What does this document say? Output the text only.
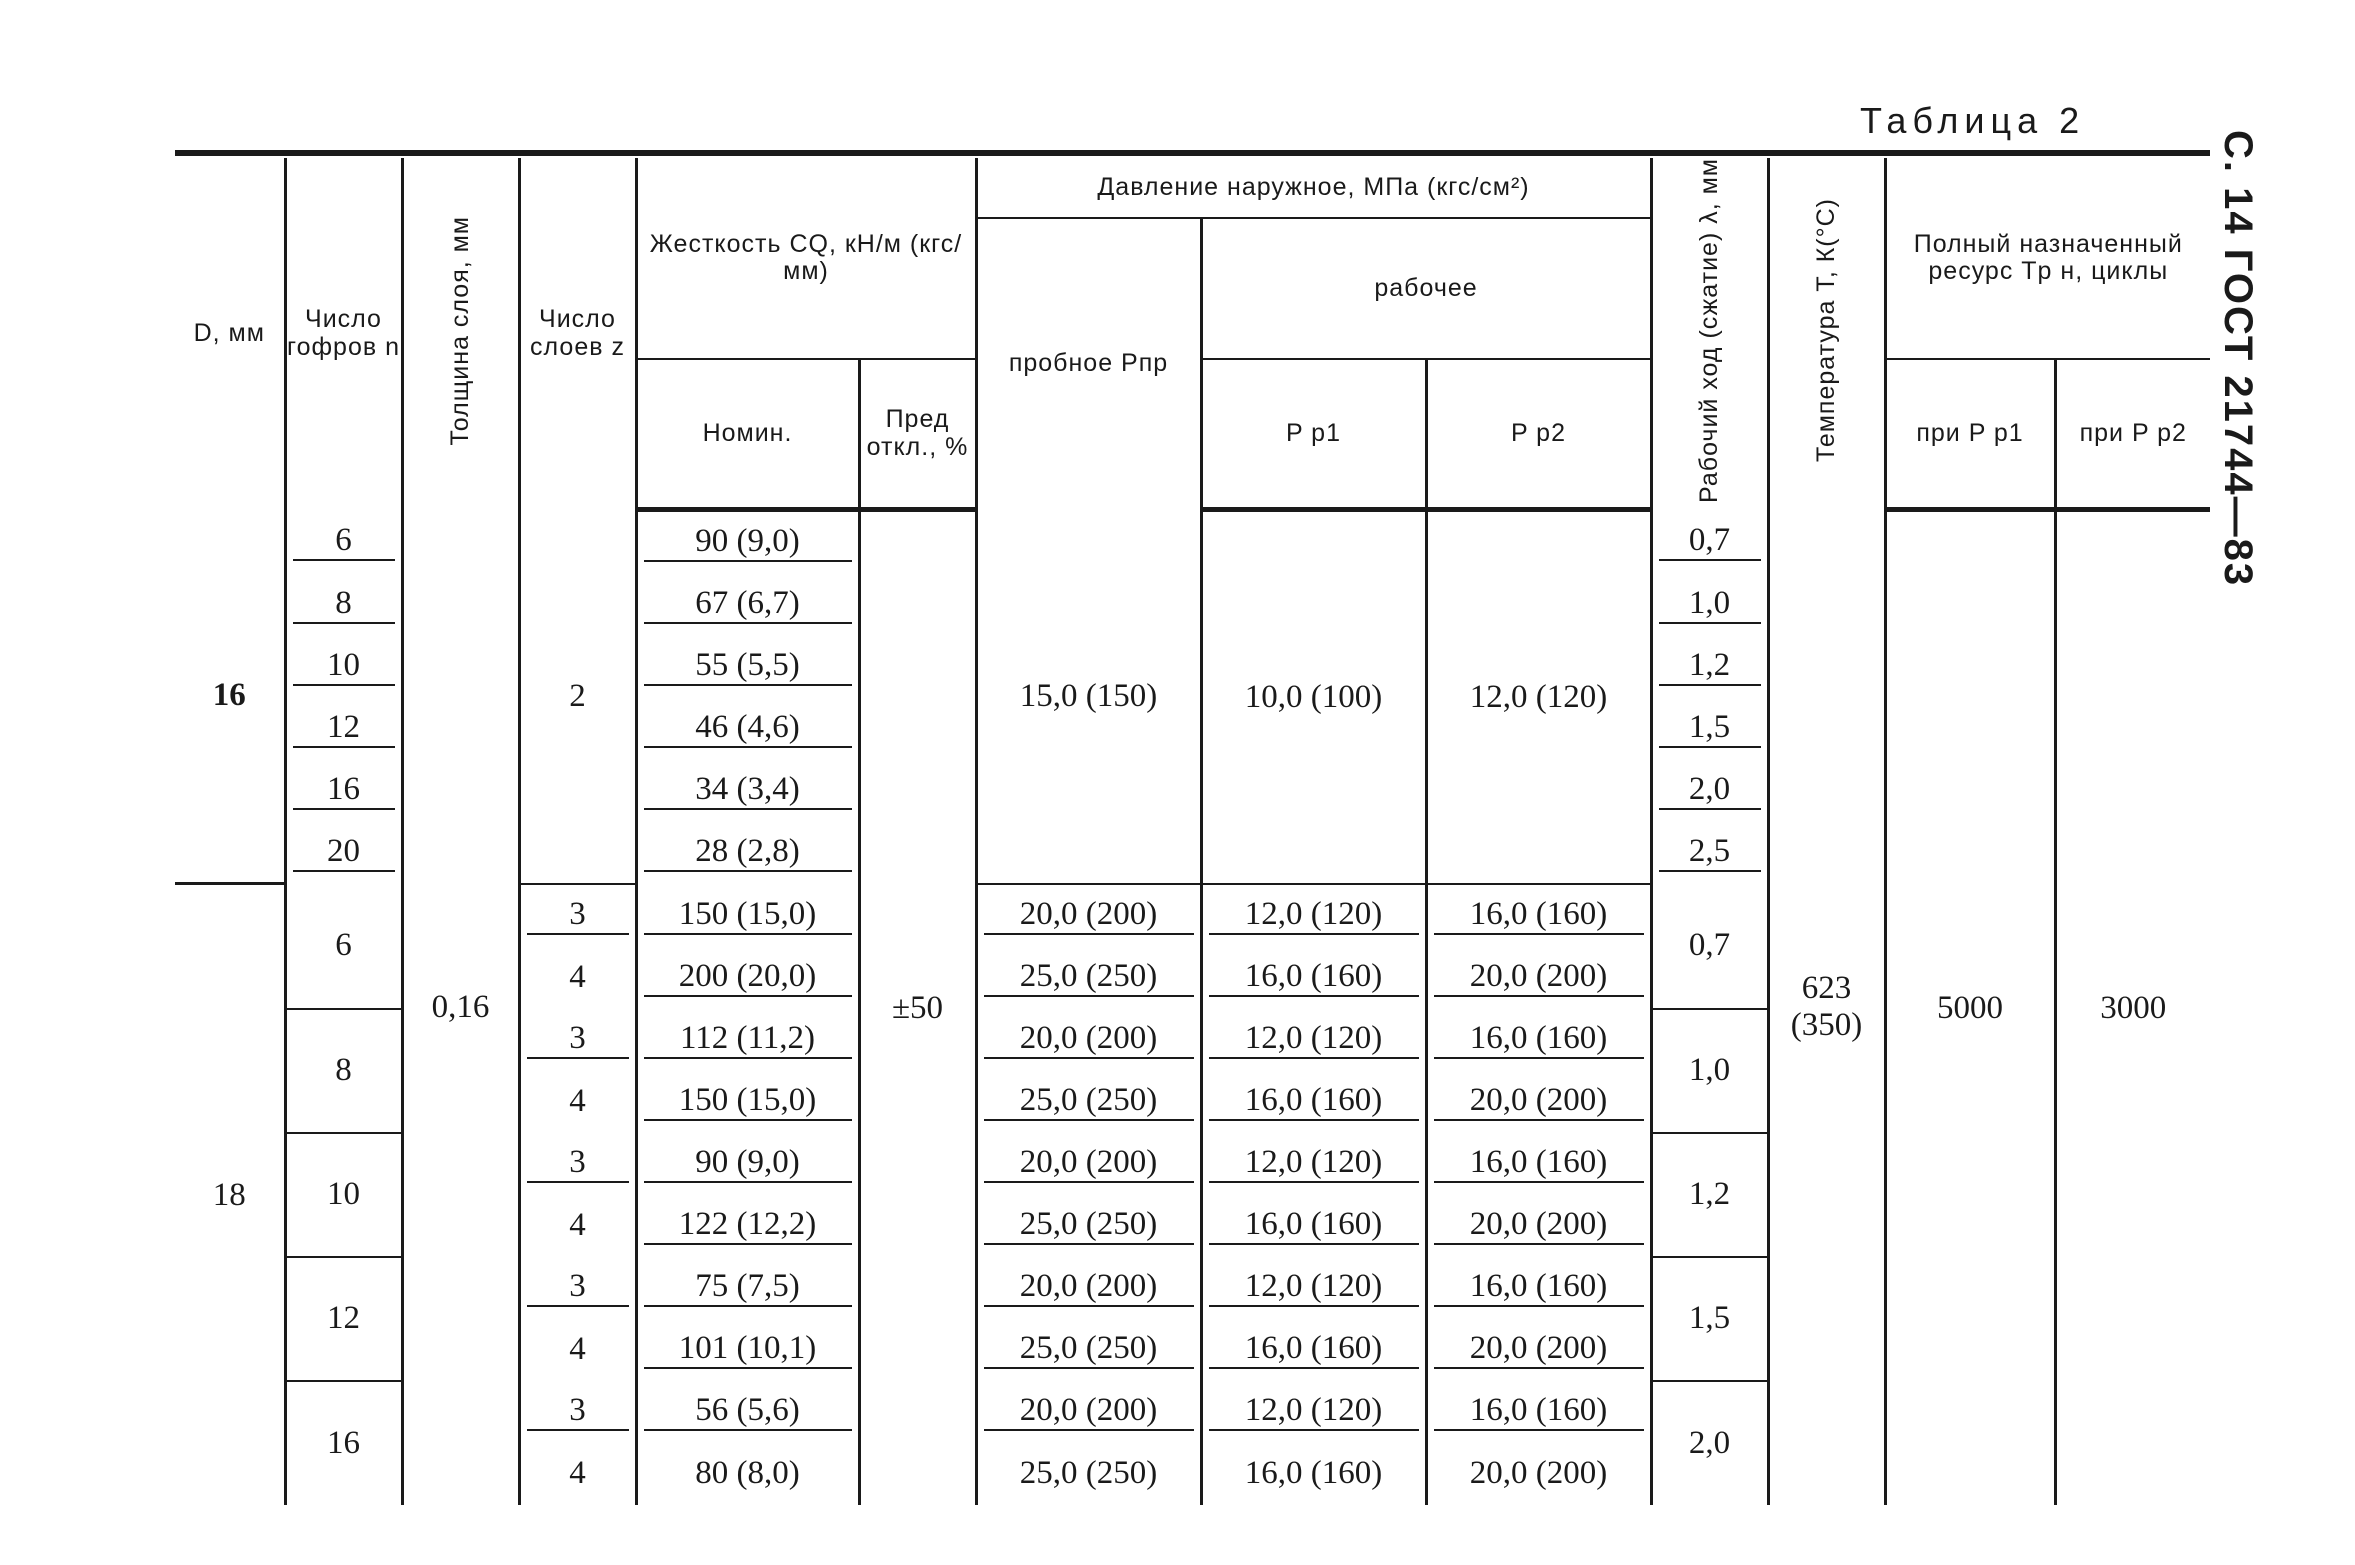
С. 14 ГОСТ 21744—83
Таблица 2
D, мм	Число гофров n	Толщина слоя, мм	Число слоев z	Жесткость CQ, кН/м (кгс/мм)		Давление наружное, МПа (кгс/см²)			Рабочий ход (сжатие) λ, мм	Температура T, К(°С)	Полный назначенный ресурс Tр н, циклы	
						пробное Pпр	рабочее					
				Номин.	Пред откл., %		P p1	P p2			при P p1	при P p2
16	6	0,16	2	90 (9,0)	±50	15,0 (150)	10,0 (100)	12,0 (120)	0,7	623 (350)	5000	3000

	8			67 (6,7)					1,0			

	10			55 (5,5)					1,2			

	12			46 (4,6)					1,5			

	16			34 (3,4)					2,0			

	20			28 (2,8)					2,5			

18	6		3	150 (15,0)		20,0 (200)	12,0 (120)	16,0 (160)	0,7			

			4	200 (20,0)		25,0 (250)	16,0 (160)	20,0 (200)				

	8		3	112 (11,2)		20,0 (200)	12,0 (120)	16,0 (160)	1,0			

			4	150 (15,0)		25,0 (250)	16,0 (160)	20,0 (200)				

	10		3	90 (9,0)		20,0 (200)	12,0 (120)	16,0 (160)	1,2			

			4	122 (12,2)		25,0 (250)	16,0 (160)	20,0 (200)				

	12		3	75 (7,5)		20,0 (200)	12,0 (120)	16,0 (160)	1,5			

			4	101 (10,1)		25,0 (250)	16,0 (160)	20,0 (200)				

	16		3	56 (5,6)		20,0 (200)	12,0 (120)	16,0 (160)	2,0			

			4	80 (8,0)		25,0 (250)	16,0 (160)	20,0 (200)				
